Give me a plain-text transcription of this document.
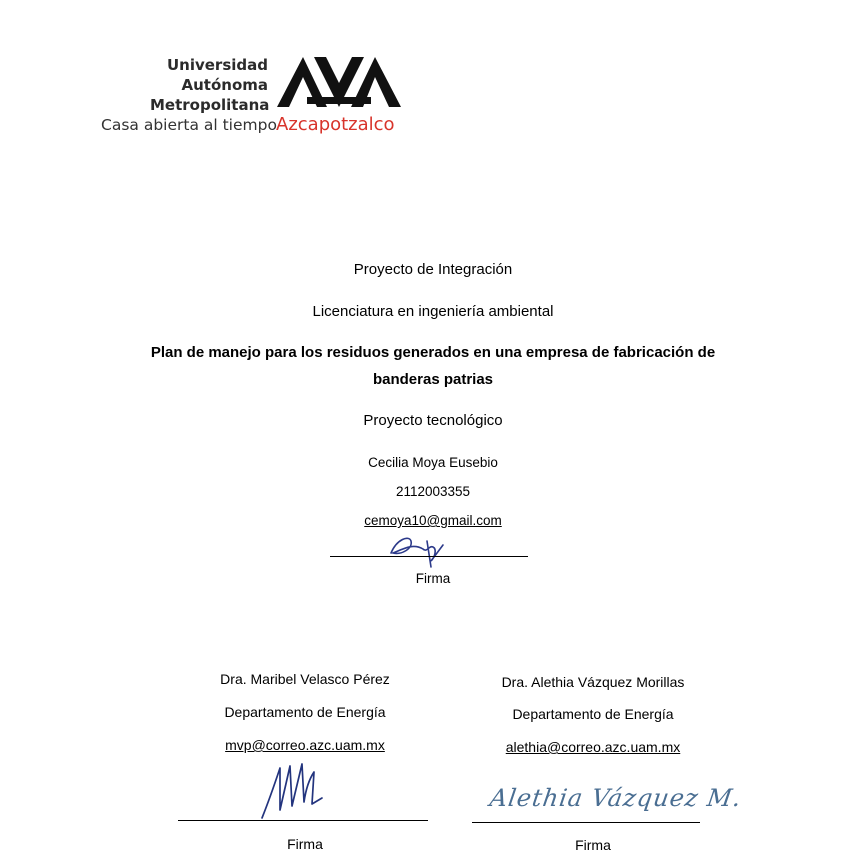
Universidad
Autónoma
Metropolitana
Casa abierta al tiempo Azcapotzalco
Proyecto de Integración
Licenciatura en ingeniería ambiental
Plan de manejo para los residuos generados en una empresa de fabricación de
banderas patrias
Proyecto tecnológico
Cecilia Moya Eusebio
2112003355
cemoya10@gmail.com
Firma
Dra. Maribel Velasco Pérez
Departamento de Energía
mvp@correo.azc.uam.mx
Firma
Dra. Alethia Vázquez Morillas
Departamento de Energía
alethia@correo.azc.uam.mx
Alethia Vázquez M.
Firma
